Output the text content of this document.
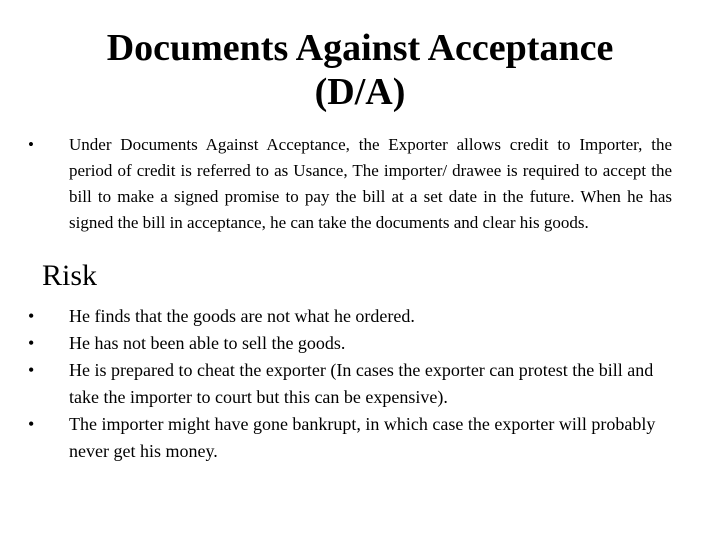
Documents Against Acceptance
(D/A)
•	Under Documents Against Acceptance, the Exporter allows credit to Importer, the period of credit is referred to as Usance, The importer/ drawee is required to accept the bill to make a signed promise to pay the bill at a set date in the future. When he has signed the bill in acceptance, he can take the documents and clear his goods.
Risk
•	He finds that the goods are not what he ordered.
•	He has not been able to sell the goods.
•	He is prepared to cheat the exporter (In cases the exporter can protest the bill and take the importer to court but this can be expensive).
•	The importer might have gone bankrupt, in which case the exporter will probably never get his money.
